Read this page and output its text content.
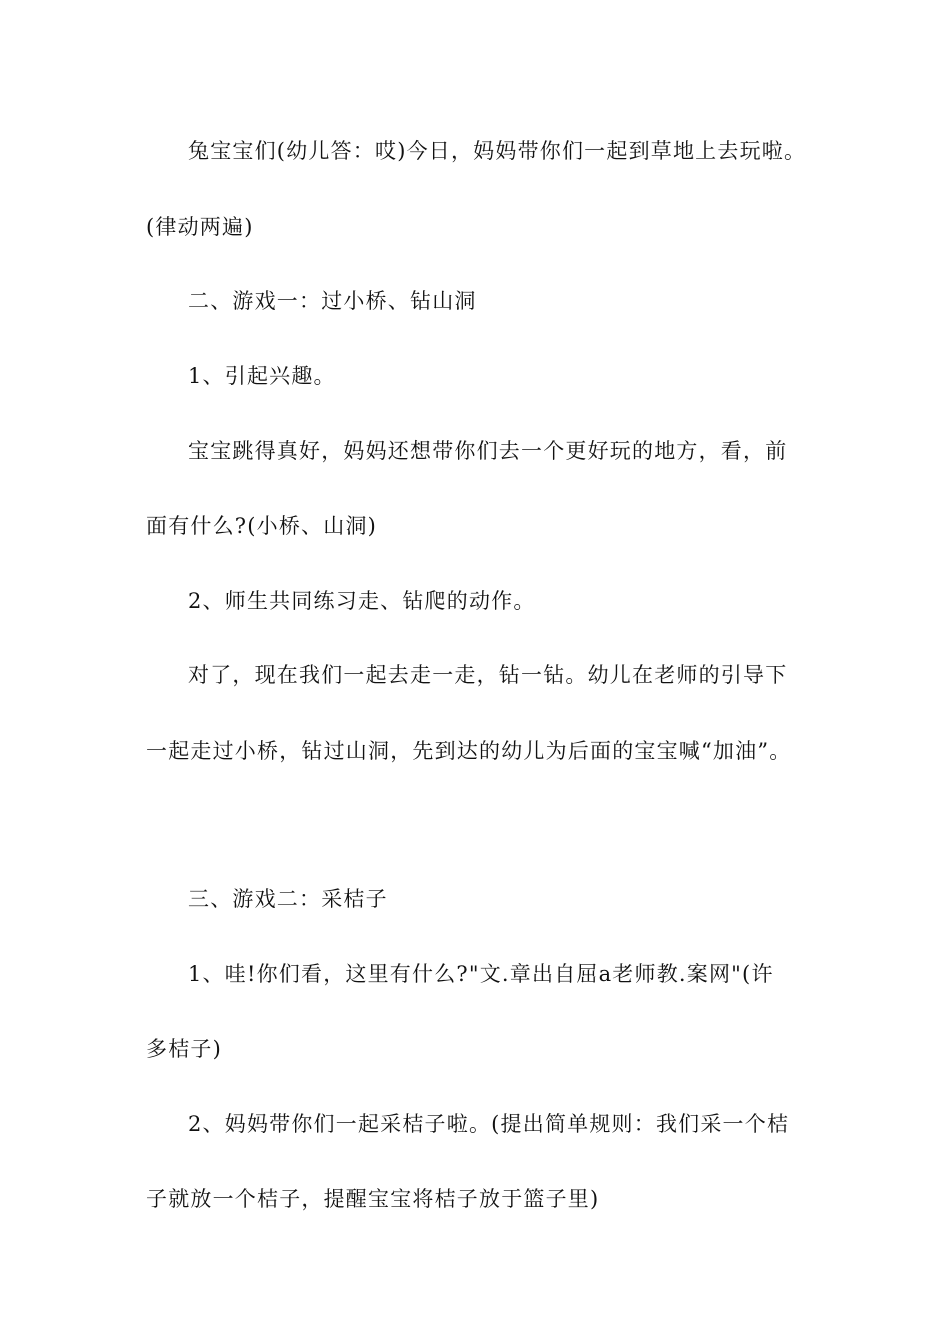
兔宝宝们(幼儿答：哎)今日，妈妈带你们一起到草地上去玩啦。
(律动两遍)
二、游戏一：过小桥、钻山洞
1、引起兴趣。
宝宝跳得真好，妈妈还想带你们去一个更好玩的地方，看，前
面有什么?(小桥、山洞)
2、师生共同练习走、钻爬的动作。
对了，现在我们一起去走一走，钻一钻。幼儿在老师的引导下
一起走过小桥，钻过山洞，先到达的幼儿为后面的宝宝喊“加油”。
三、游戏二：采桔子
1、哇!你们看，这里有什么?"文.章出自屈a老师教.案网"(许
多桔子)
2、妈妈带你们一起采桔子啦。(提出简单规则：我们采一个桔
子就放一个桔子，提醒宝宝将桔子放于篮子里)
